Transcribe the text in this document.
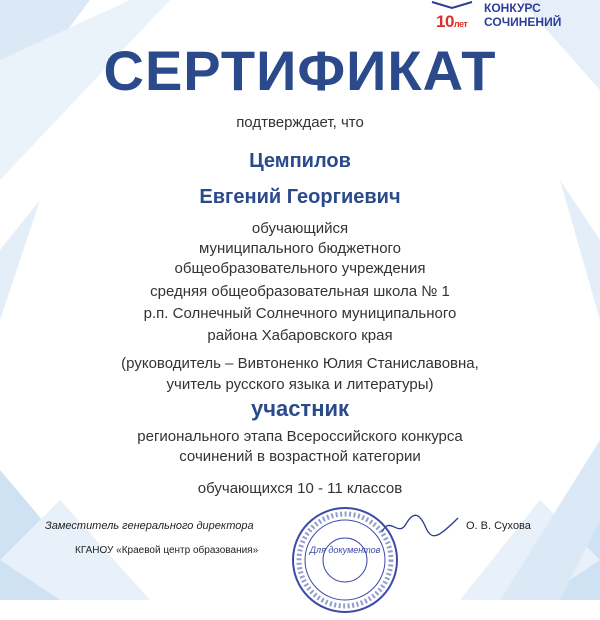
10лет
КОНКУРС
СОЧИНЕНИЙ
СЕРТИФИКАТ
подтверждает, что
Цемпилов
Евгений Георгиевич
обучающийся
муниципального бюджетного
общеобразовательного учреждения
средняя общеобразовательная школа № 1
р.п. Солнечный Солнечного муниципального
района Хабаровского края
(руководитель – Вивтоненко Юлия Станиславовна,
учитель русского языка и литературы)
участник
регионального этапа Всероссийского конкурса
сочинений в возрастной категории
обучающихся 10 - 11 классов
Заместитель генерального директора
КГАНОУ «Краевой центр образования»
О. В. Сухова
Для документов
